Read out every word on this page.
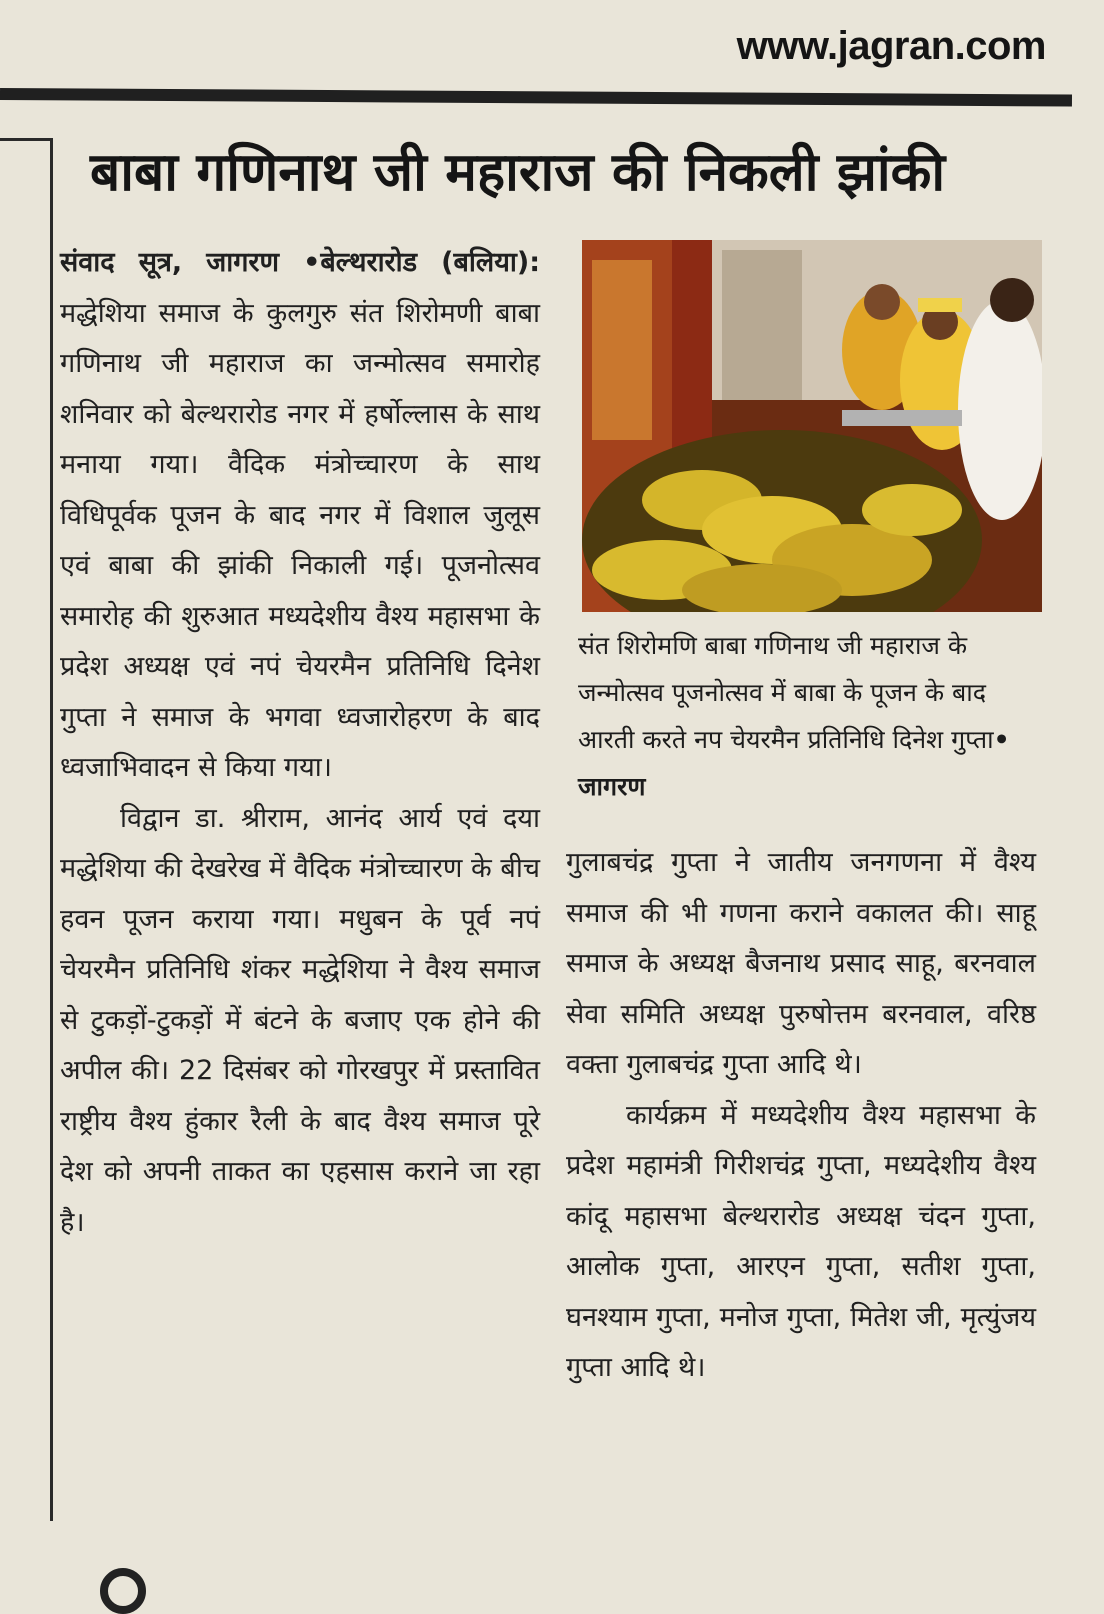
www.jagran.com
बाबा गणिनाथ जी महाराज की निकली झांकी

संवाद सूत्र, जागरण •बेल्थरारोड (बलिया): मद्धेशिया समाज के कुलगुरु संत शिरोमणी बाबा गणिनाथ जी महाराज का जन्मोत्सव समारोह शनिवार को बेल्थरारोड नगर में हर्षोल्लास के साथ मनाया गया। वैदिक मंत्रोच्चारण के साथ विधिपूर्वक पूजन के बाद नगर में विशाल जुलूस एवं बाबा की झांकी निकाली गई। पूजनोत्सव समारोह की शुरुआत मध्यदेशीय वैश्य महासभा के प्रदेश अध्यक्ष एवं नपं चेयरमैन प्रतिनिधि दिनेश गुप्ता ने समाज के भगवा ध्वजारोहरण के बाद ध्वजाभिवादन से किया गया।

विद्वान डा. श्रीराम, आनंद आर्य एवं दया मद्धेशिया की देखरेख में वैदिक मंत्रोच्चारण के बीच हवन पूजन कराया गया। मधुबन के पूर्व नपं चेयरमैन प्रतिनिधि शंकर मद्धेशिया ने वैश्य समाज से टुकड़ों-टुकड़ों में बंटने के बजाए एक होने की अपील की। 22 दिसंबर को गोरखपुर में प्रस्तावित राष्ट्रीय वैश्य हुंकार रैली के बाद वैश्य समाज पूरे देश को अपनी ताकत का एहसास कराने जा रहा है।

संत शिरोमणि बाबा गणिनाथ जी महाराज के जन्मोत्सव पूजनोत्सव में बाबा के पूजन के बाद आरती करते नप चेयरमैन प्रतिनिधि दिनेश गुप्ता• जागरण

गुलाबचंद्र गुप्ता ने जातीय जनगणना में वैश्य समाज की भी गणना कराने वकालत की। साहू समाज के अध्यक्ष बैजनाथ प्रसाद साहू, बरनवाल सेवा समिति अध्यक्ष पुरुषोत्तम बरनवाल, वरिष्ठ वक्ता गुलाबचंद्र गुप्ता आदि थे।

कार्यक्रम में मध्यदेशीय वैश्य महासभा के प्रदेश महामंत्री गिरीशचंद्र गुप्ता, मध्यदेशीय वैश्य कांदू महासभा बेल्थरारोड अध्यक्ष चंदन गुप्ता, आलोक गुप्ता, आरएन गुप्ता, सतीश गुप्ता, घनश्याम गुप्ता, मनोज गुप्ता, मितेश जी, मृत्युंजय गुप्ता आदि थे।
